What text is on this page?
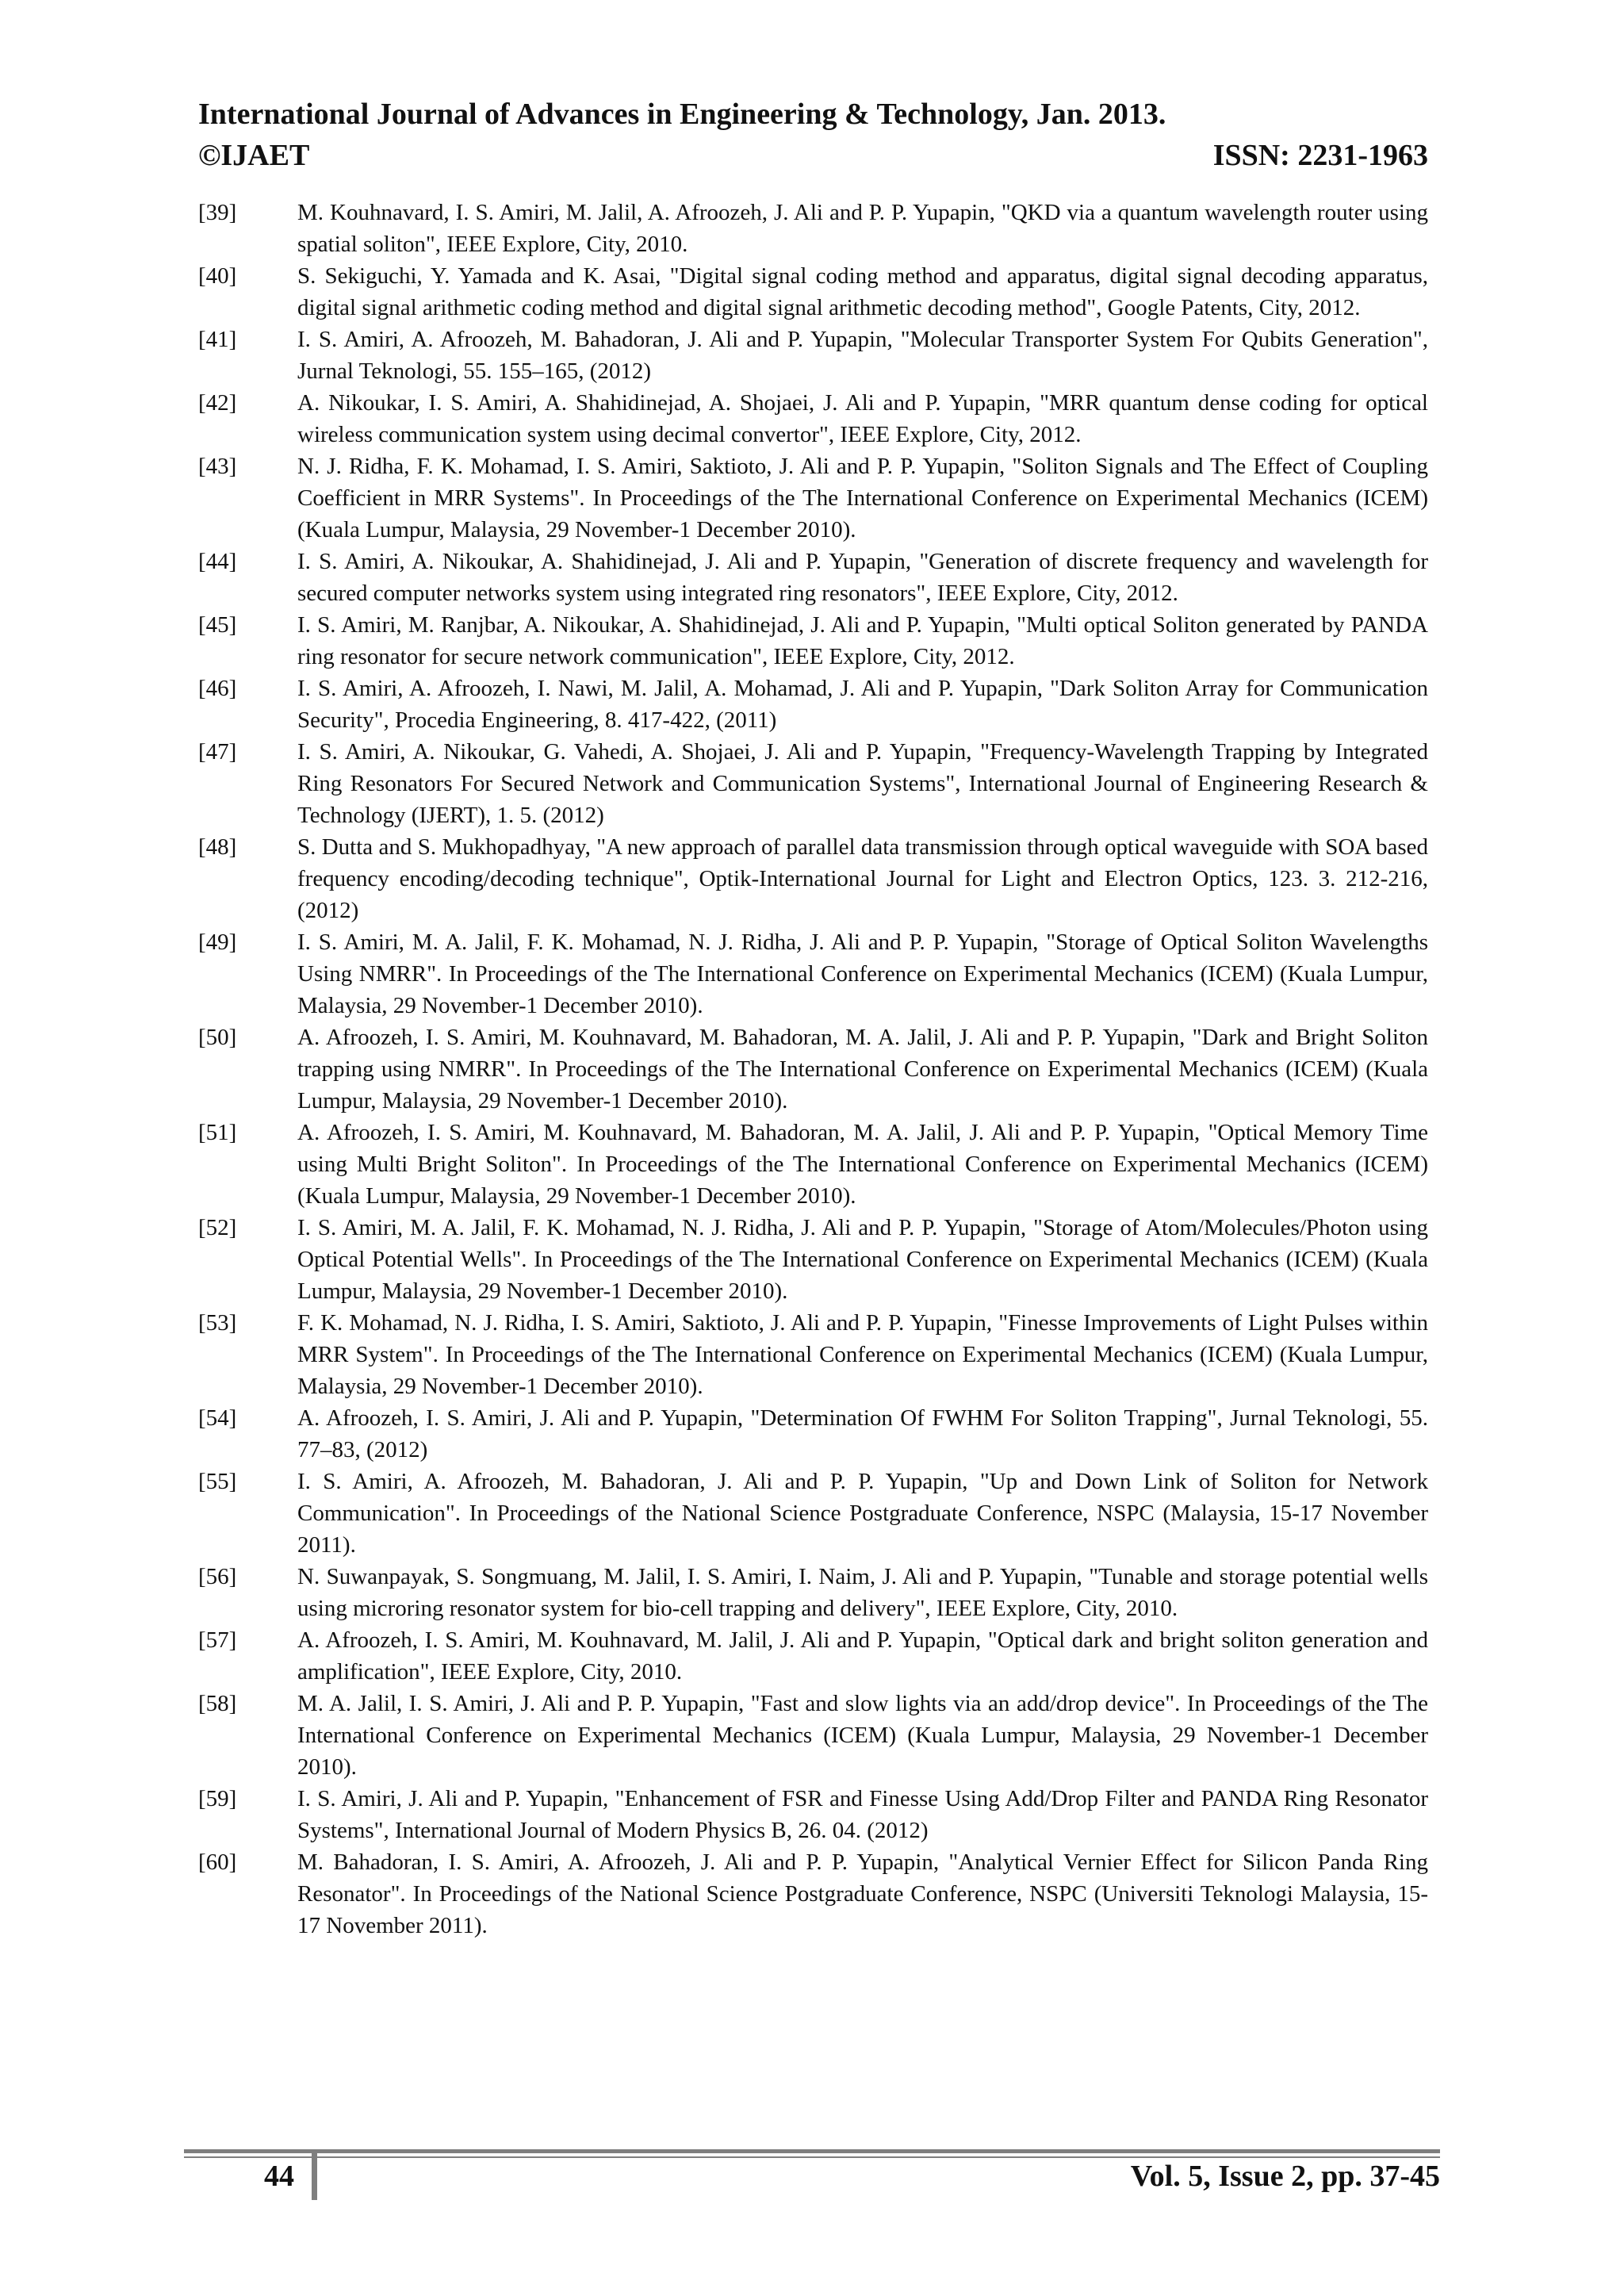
International Journal of Advances in Engineering & Technology, Jan. 2013.
©IJAET	ISSN: 2231-1963
[39]	M. Kouhnavard, I. S. Amiri, M. Jalil, A. Afroozeh, J. Ali and P. P. Yupapin, "QKD via a quantum wavelength router using spatial soliton", IEEE Explore, City, 2010.
[40]	S. Sekiguchi, Y. Yamada and K. Asai, "Digital signal coding method and apparatus, digital signal decoding apparatus, digital signal arithmetic coding method and digital signal arithmetic decoding method", Google Patents, City, 2012.
[41]	I. S. Amiri, A. Afroozeh, M. Bahadoran, J. Ali and P. Yupapin, "Molecular Transporter System For Qubits Generation", Jurnal Teknologi, 55. 155–165, (2012)
[42]	A. Nikoukar, I. S. Amiri, A. Shahidinejad, A. Shojaei, J. Ali and P. Yupapin, "MRR quantum dense coding for optical wireless communication system using decimal convertor", IEEE Explore, City, 2012.
[43]	N. J. Ridha, F. K. Mohamad, I. S. Amiri, Saktioto, J. Ali and P. P. Yupapin, "Soliton Signals and The Effect of Coupling Coefficient in MRR Systems". In Proceedings of the The International Conference on Experimental Mechanics (ICEM) (Kuala Lumpur, Malaysia, 29 November-1 December 2010).
[44]	I. S. Amiri, A. Nikoukar, A. Shahidinejad, J. Ali and P. Yupapin, "Generation of discrete frequency and wavelength for secured computer networks system using integrated ring resonators", IEEE Explore, City, 2012.
[45]	I. S. Amiri, M. Ranjbar, A. Nikoukar, A. Shahidinejad, J. Ali and P. Yupapin, "Multi optical Soliton generated by PANDA ring resonator for secure network communication", IEEE Explore, City, 2012.
[46]	I. S. Amiri, A. Afroozeh, I. Nawi, M. Jalil, A. Mohamad, J. Ali and P. Yupapin, "Dark Soliton Array for Communication Security", Procedia Engineering, 8. 417-422, (2011)
[47]	I. S. Amiri, A. Nikoukar, G. Vahedi, A. Shojaei, J. Ali and P. Yupapin, "Frequency-Wavelength Trapping by Integrated Ring Resonators For Secured Network and Communication Systems", International Journal of Engineering Research & Technology (IJERT), 1. 5. (2012)
[48]	S. Dutta and S. Mukhopadhyay, "A new approach of parallel data transmission through optical waveguide with SOA based frequency encoding/decoding technique", Optik-International Journal for Light and Electron Optics, 123. 3. 212-216, (2012)
[49]	I. S. Amiri, M. A. Jalil, F. K. Mohamad, N. J. Ridha, J. Ali and P. P. Yupapin, "Storage of Optical Soliton Wavelengths Using NMRR". In Proceedings of the The International Conference on Experimental Mechanics (ICEM) (Kuala Lumpur, Malaysia, 29 November-1 December 2010).
[50]	A. Afroozeh, I. S. Amiri, M. Kouhnavard, M. Bahadoran, M. A. Jalil, J. Ali and P. P. Yupapin, "Dark and Bright Soliton trapping using NMRR". In Proceedings of the The International Conference on Experimental Mechanics (ICEM) (Kuala Lumpur, Malaysia, 29 November-1 December 2010).
[51]	A. Afroozeh, I. S. Amiri, M. Kouhnavard, M. Bahadoran, M. A. Jalil, J. Ali and P. P. Yupapin, "Optical Memory Time using Multi Bright Soliton". In Proceedings of the The International Conference on Experimental Mechanics (ICEM) (Kuala Lumpur, Malaysia, 29 November-1 December 2010).
[52]	I. S. Amiri, M. A. Jalil, F. K. Mohamad, N. J. Ridha, J. Ali and P. P. Yupapin, "Storage of Atom/Molecules/Photon using Optical Potential Wells". In Proceedings of the The International Conference on Experimental Mechanics (ICEM) (Kuala Lumpur, Malaysia, 29 November-1 December 2010).
[53]	F. K. Mohamad, N. J. Ridha, I. S. Amiri, Saktioto, J. Ali and P. P. Yupapin, "Finesse Improvements of Light Pulses within MRR System". In Proceedings of the The International Conference on Experimental Mechanics (ICEM) (Kuala Lumpur, Malaysia, 29 November-1 December 2010).
[54]	A. Afroozeh, I. S. Amiri, J. Ali and P. Yupapin, "Determination Of FWHM For Soliton Trapping", Jurnal Teknologi, 55. 77–83, (2012)
[55]	I. S. Amiri, A. Afroozeh, M. Bahadoran, J. Ali and P. P. Yupapin, "Up and Down Link of Soliton for Network Communication". In Proceedings of the National Science Postgraduate Conference, NSPC (Malaysia, 15-17 November 2011).
[56]	N. Suwanpayak, S. Songmuang, M. Jalil, I. S. Amiri, I. Naim, J. Ali and P. Yupapin, "Tunable and storage potential wells using microring resonator system for bio-cell trapping and delivery", IEEE Explore, City, 2010.
[57]	A. Afroozeh, I. S. Amiri, M. Kouhnavard, M. Jalil, J. Ali and P. Yupapin, "Optical dark and bright soliton generation and amplification", IEEE Explore, City, 2010.
[58]	M. A. Jalil, I. S. Amiri, J. Ali and P. P. Yupapin, "Fast and slow lights via an add/drop device". In Proceedings of the The International Conference on Experimental Mechanics (ICEM) (Kuala Lumpur, Malaysia, 29 November-1 December 2010).
[59]	I. S. Amiri, J. Ali and P. Yupapin, "Enhancement of FSR and Finesse Using Add/Drop Filter and PANDA Ring Resonator Systems", International Journal of Modern Physics B, 26. 04. (2012)
[60]	M. Bahadoran, I. S. Amiri, A. Afroozeh, J. Ali and P. P. Yupapin, "Analytical Vernier Effect for Silicon Panda Ring Resonator". In Proceedings of the National Science Postgraduate Conference, NSPC (Universiti Teknologi Malaysia, 15-17 November 2011).
44	Vol. 5, Issue 2, pp. 37-45
